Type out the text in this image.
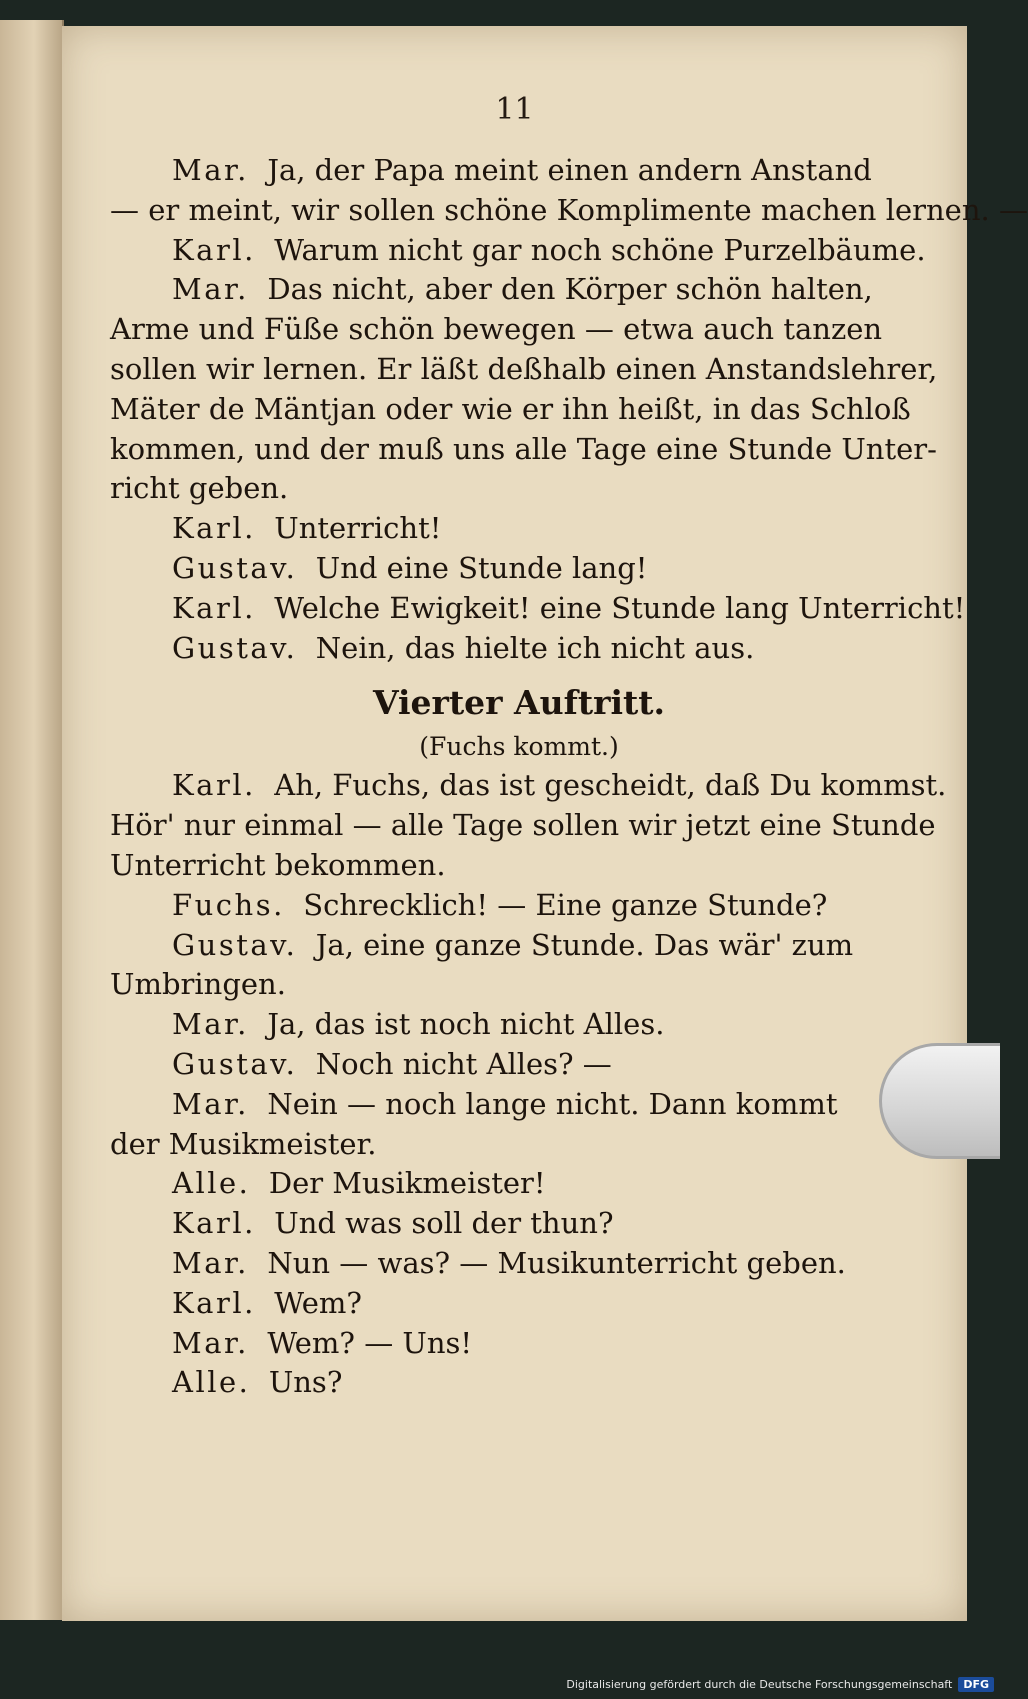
11
Mar. Ja, der Papa meint einen andern Anstand
— er meint, wir sollen schöne Komplimente machen lernen. —
Karl. Warum nicht gar noch schöne Purzelbäume.
Mar. Das nicht, aber den Körper schön halten,
Arme und Füße schön bewegen — etwa auch tanzen
sollen wir lernen. Er läßt deßhalb einen Anstandslehrer,
Mäter de Mäntjan oder wie er ihn heißt, in das Schloß
kommen, und der muß uns alle Tage eine Stunde Unter-
richt geben.
Karl. Unterricht!
Gustav. Und eine Stunde lang!
Karl. Welche Ewigkeit! eine Stunde lang Unterricht!
Gustav. Nein, das hielte ich nicht aus.
Vierter Auftritt.
(Fuchs kommt.)
Karl. Ah, Fuchs, das ist gescheidt, daß Du kommst.
Hör' nur einmal — alle Tage sollen wir jetzt eine Stunde
Unterricht bekommen.
Fuchs. Schrecklich! — Eine ganze Stunde?
Gustav. Ja, eine ganze Stunde. Das wär' zum
Umbringen.
Mar. Ja, das ist noch nicht Alles.
Gustav. Noch nicht Alles? —
Mar. Nein — noch lange nicht. Dann kommt
der Musikmeister.
Alle. Der Musikmeister!
Karl. Und was soll der thun?
Mar. Nun — was? — Musikunterricht geben.
Karl. Wem?
Mar. Wem? — Uns!
Alle. Uns?
Digitalisierung gefördert durch die Deutsche Forschungsgemeinschaft	DFG
